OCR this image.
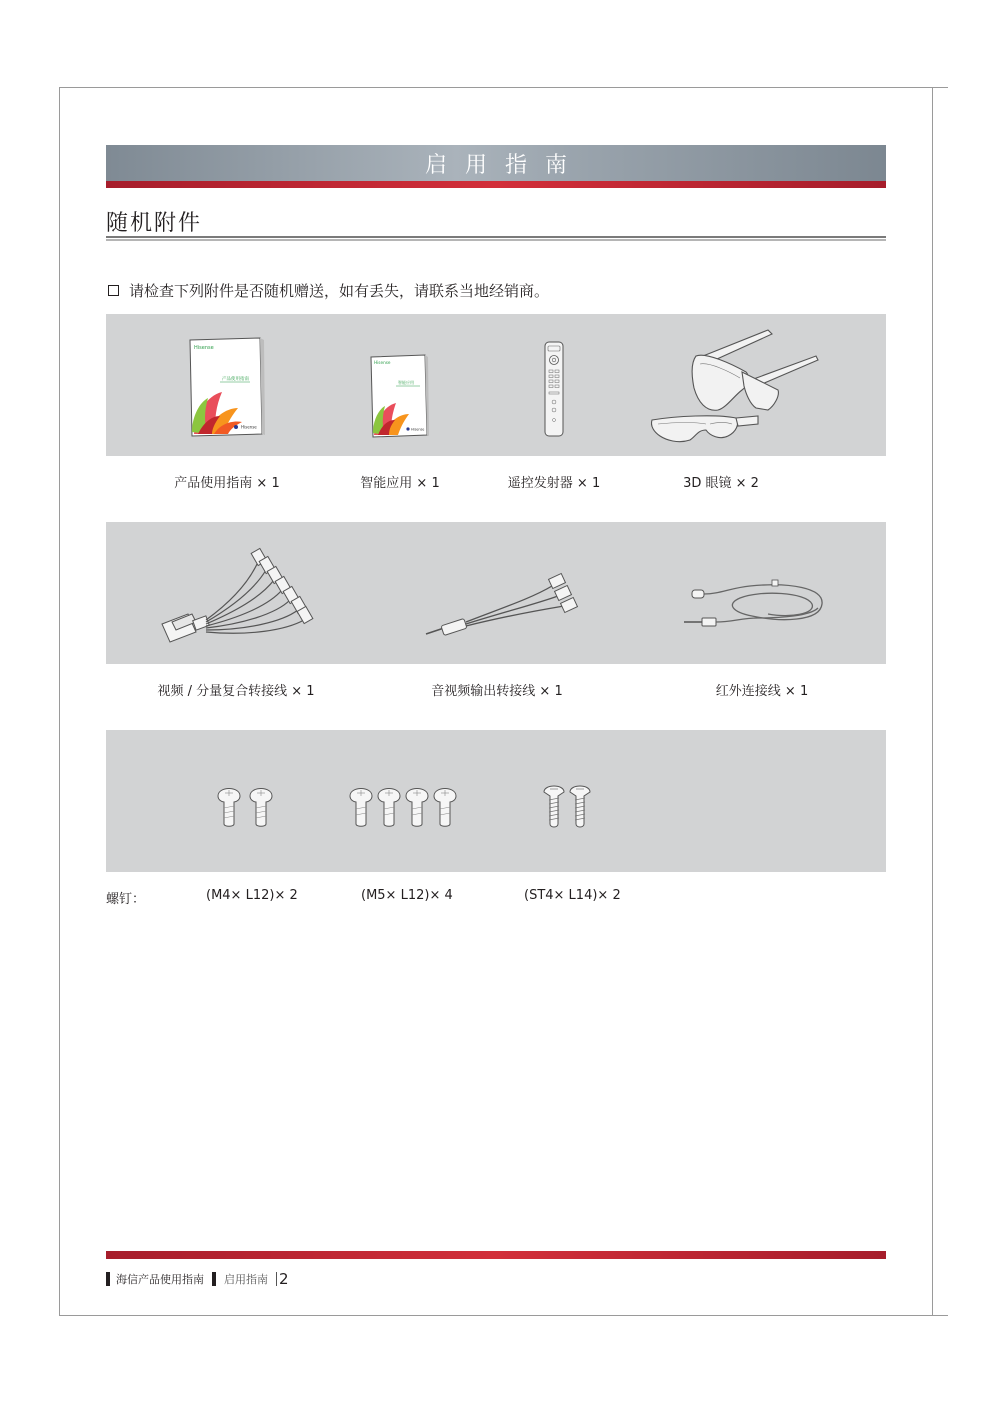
启用指南
随机附件
请检查下列附件是否随机赠送，如有丢失，请联系当地经销商。
Hisense
Hisense
产品使用指南
Hisense
Hisense
智能应用
产品使用指南 × 1	智能应用 × 1	遥控发射器 × 1	3D 眼镜 × 2
视频 / 分量复合转接线 × 1	音视频输出转接线 × 1	红外连接线 × 1
螺钉：	(M4× L12)× 2	(M5× L12)× 4	(ST4× L14)× 2
海信产品使用指南 启用指南 2
